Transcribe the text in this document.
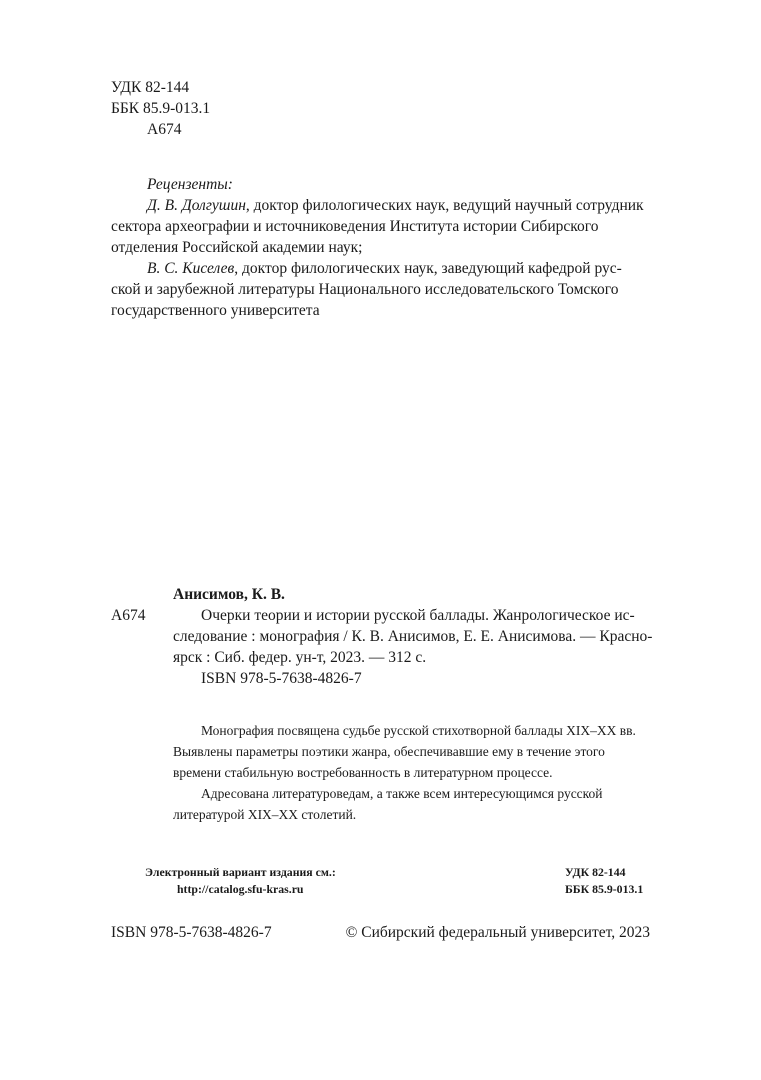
УДК 82-144
ББК 85.9-013.1
А674
Рецензенты:
Д. В. Долгушин, доктор филологических наук, ведущий научный сотрудник
сектора археографии и источниковедения Института истории Сибирского
отделения Российской академии наук;
В. С. Киселев, доктор филологических наук, заведующий кафедрой рус-
ской и зарубежной литературы Национального исследовательского Томского
государственного университета
Анисимов, К. В.
А674	Очерки теории и истории русской баллады. Жанрологическое ис-
следование : монография / К. В. Анисимов, Е. Е. Анисимова. — Красно-
ярск : Сиб. федер. ун-т, 2023. — 312 с.
ISBN 978-5-7638-4826-7
Монография посвящена судьбе русской стихотворной баллады XIX–XX вв.
Выявлены параметры поэтики жанра, обеспечивавшие ему в течение этого
времени стабильную востребованность в литературном процессе.
Адресована литературоведам, а также всем интересующимся русской
литературой XIX–XX столетий.
Электронный вариант издания см.:
http://catalog.sfu-kras.ru
УДК 82-144
ББК 85.9-013.1
ISBN 978-5-7638-4826-7	© Сибирский федеральный университет, 2023
